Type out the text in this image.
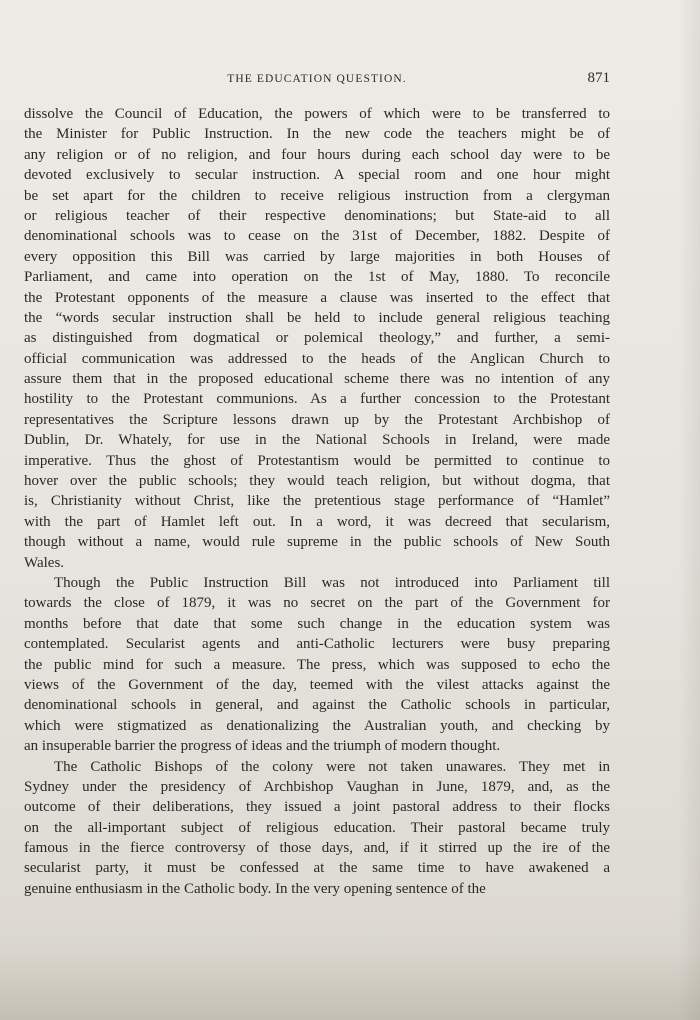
THE EDUCATION QUESTION.	871
dissolve the Council of Education, the powers of which were to be transferred to
the Minister for Public Instruction. In the new code the teachers might be of
any religion or of no religion, and four hours during each school day were to be
devoted exclusively to secular instruction. A special room and one hour might
be set apart for the children to receive religious instruction from a clergyman
or religious teacher of their respective denominations; but State-aid to all
denominational schools was to cease on the 31st of December, 1882. Despite of
every opposition this Bill was carried by large majorities in both Houses of
Parliament, and came into operation on the 1st of May, 1880. To reconcile
the Protestant opponents of the measure a clause was inserted to the effect that
the “words secular instruction shall be held to include general religious teaching
as distinguished from dogmatical or polemical theology,” and further, a semi-
official communication was addressed to the heads of the Anglican Church to
assure them that in the proposed educational scheme there was no intention of any
hostility to the Protestant communions. As a further concession to the Protestant
representatives the Scripture lessons drawn up by the Protestant Archbishop of
Dublin, Dr. Whately, for use in the National Schools in Ireland, were made
imperative. Thus the ghost of Protestantism would be permitted to continue to
hover over the public schools; they would teach religion, but without dogma, that
is, Christianity without Christ, like the pretentious stage performance of “Hamlet”
with the part of Hamlet left out. In a word, it was decreed that secularism,
though without a name, would rule supreme in the public schools of New South
Wales.
Though the Public Instruction Bill was not introduced into Parliament till
towards the close of 1879, it was no secret on the part of the Government for
months before that date that some such change in the education system was
contemplated. Secularist agents and anti-Catholic lecturers were busy preparing
the public mind for such a measure. The press, which was supposed to echo the
views of the Government of the day, teemed with the vilest attacks against the
denominational schools in general, and against the Catholic schools in particular,
which were stigmatized as denationalizing the Australian youth, and checking by
an insuperable barrier the progress of ideas and the triumph of modern thought.
The Catholic Bishops of the colony were not taken unawares. They met in
Sydney under the presidency of Archbishop Vaughan in June, 1879, and, as the
outcome of their deliberations, they issued a joint pastoral address to their flocks
on the all-important subject of religious education. Their pastoral became truly
famous in the fierce controversy of those days, and, if it stirred up the ire of the
secularist party, it must be confessed at the same time to have awakened a
genuine enthusiasm in the Catholic body. In the very opening sentence of the
